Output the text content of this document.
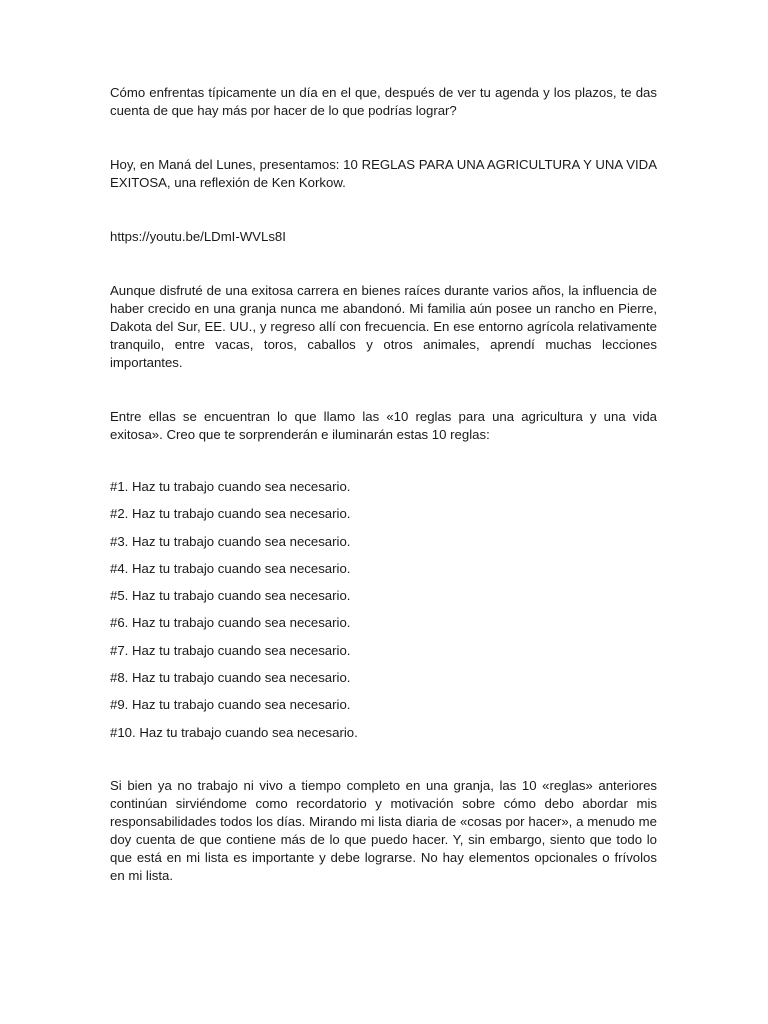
Cómo enfrentas típicamente un día en el que, después de ver tu agenda y los plazos, te das cuenta de que hay más por hacer de lo que podrías lograr?

Hoy, en Maná del Lunes, presentamos: 10 REGLAS PARA UNA AGRICULTURA Y UNA VIDA EXITOSA, una reflexión de Ken Korkow.

https://youtu.be/LDmI-WVLs8I

Aunque disfruté de una exitosa carrera en bienes raíces durante varios años, la influencia de haber crecido en una granja nunca me abandonó. Mi familia aún posee un rancho en Pierre, Dakota del Sur, EE. UU., y regreso allí con frecuencia. En ese entorno agrícola relativamente tranquilo, entre vacas, toros, caballos y otros animales, aprendí muchas lecciones importantes.

Entre ellas se encuentran lo que llamo las «10 reglas para una agricultura y una vida exitosa». Creo que te sorprenderán e iluminarán estas 10 reglas:

#1. Haz tu trabajo cuando sea necesario.
#2. Haz tu trabajo cuando sea necesario.
#3. Haz tu trabajo cuando sea necesario.
#4. Haz tu trabajo cuando sea necesario.
#5. Haz tu trabajo cuando sea necesario.
#6. Haz tu trabajo cuando sea necesario.
#7. Haz tu trabajo cuando sea necesario.
#8. Haz tu trabajo cuando sea necesario.
#9. Haz tu trabajo cuando sea necesario.
#10. Haz tu trabajo cuando sea necesario.

Si bien ya no trabajo ni vivo a tiempo completo en una granja, las 10 «reglas» anteriores continúan sirviéndome como recordatorio y motivación sobre cómo debo abordar mis responsabilidades todos los días. Mirando mi lista diaria de «cosas por hacer», a menudo me doy cuenta de que contiene más de lo que puedo hacer. Y, sin embargo, siento que todo lo que está en mi lista es importante y debe lograrse. No hay elementos opcionales o frívolos en mi lista.
